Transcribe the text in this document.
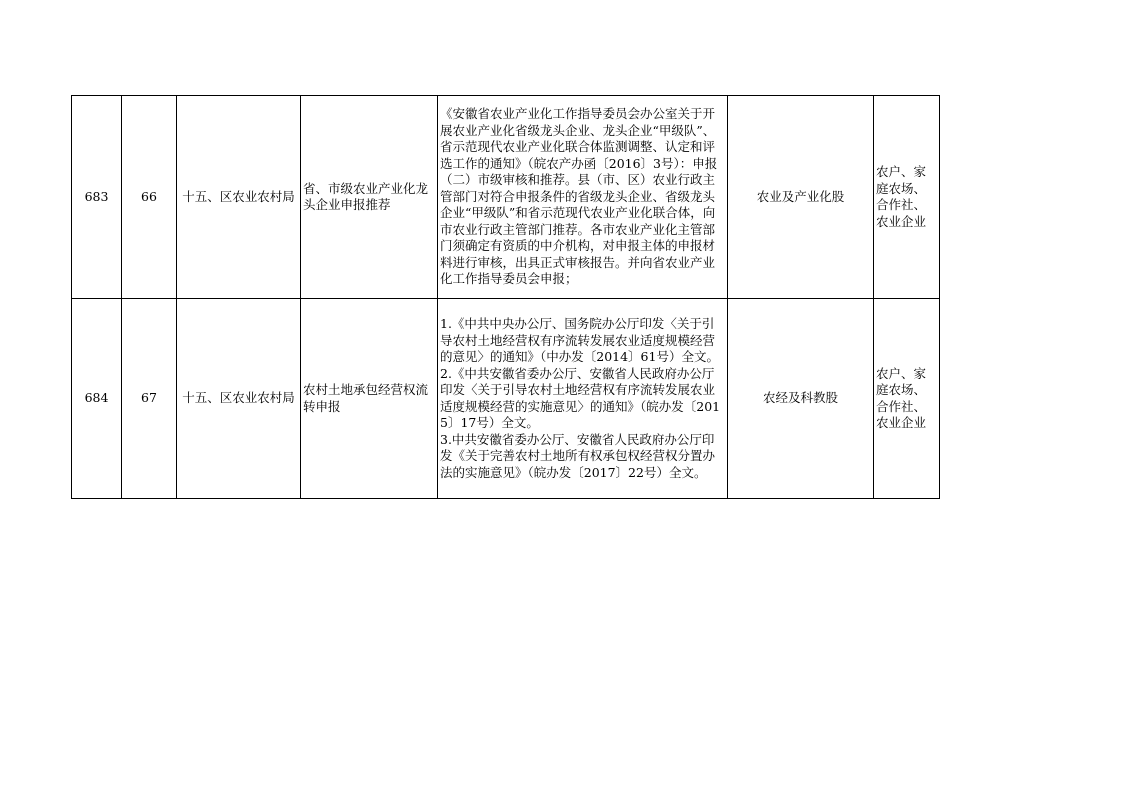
683	66	十五、区农业农村局	省、市级农业产业化龙头企业申报推荐	《安徽省农业产业化工作指导委员会办公室关于开展农业产业化省级龙头企业、龙头企业“甲级队”、省示范现代农业产业化联合体监测调整、认定和评选工作的通知》（皖农产办函〔2016〕3号）：申报（二）市级审核和推荐。县（市、区）农业行政主管部门对符合申报条件的省级龙头企业、省级龙头企业“甲级队”和省示范现代农业产业化联合体，向市农业行政主管部门推荐。各市农业产业化主管部门须确定有资质的中介机构，对申报主体的申报材料进行审核，出具正式审核报告。并向省农业产业化工作指导委员会申报；	农业及产业化股	农户、家庭农场、合作社、农业企业
684	67	十五、区农业农村局	农村土地承包经营权流转申报	1.《中共中央办公厅、国务院办公厅印发〈关于引导农村土地经营权有序流转发展农业适度规模经营的意见〉的通知》（中办发〔2014〕61号）全文。
2.《中共安徽省委办公厅、安徽省人民政府办公厅印发〈关于引导农村土地经营权有序流转发展农业适度规模经营的实施意见〉的通知》（皖办发〔2015〕17号）全文。
3.中共安徽省委办公厅、安徽省人民政府办公厅印发《关于完善农村土地所有权承包权经营权分置办法的实施意见》（皖办发〔2017〕22号）全文。	农经及科教股	农户、家庭农场、合作社、农业企业
